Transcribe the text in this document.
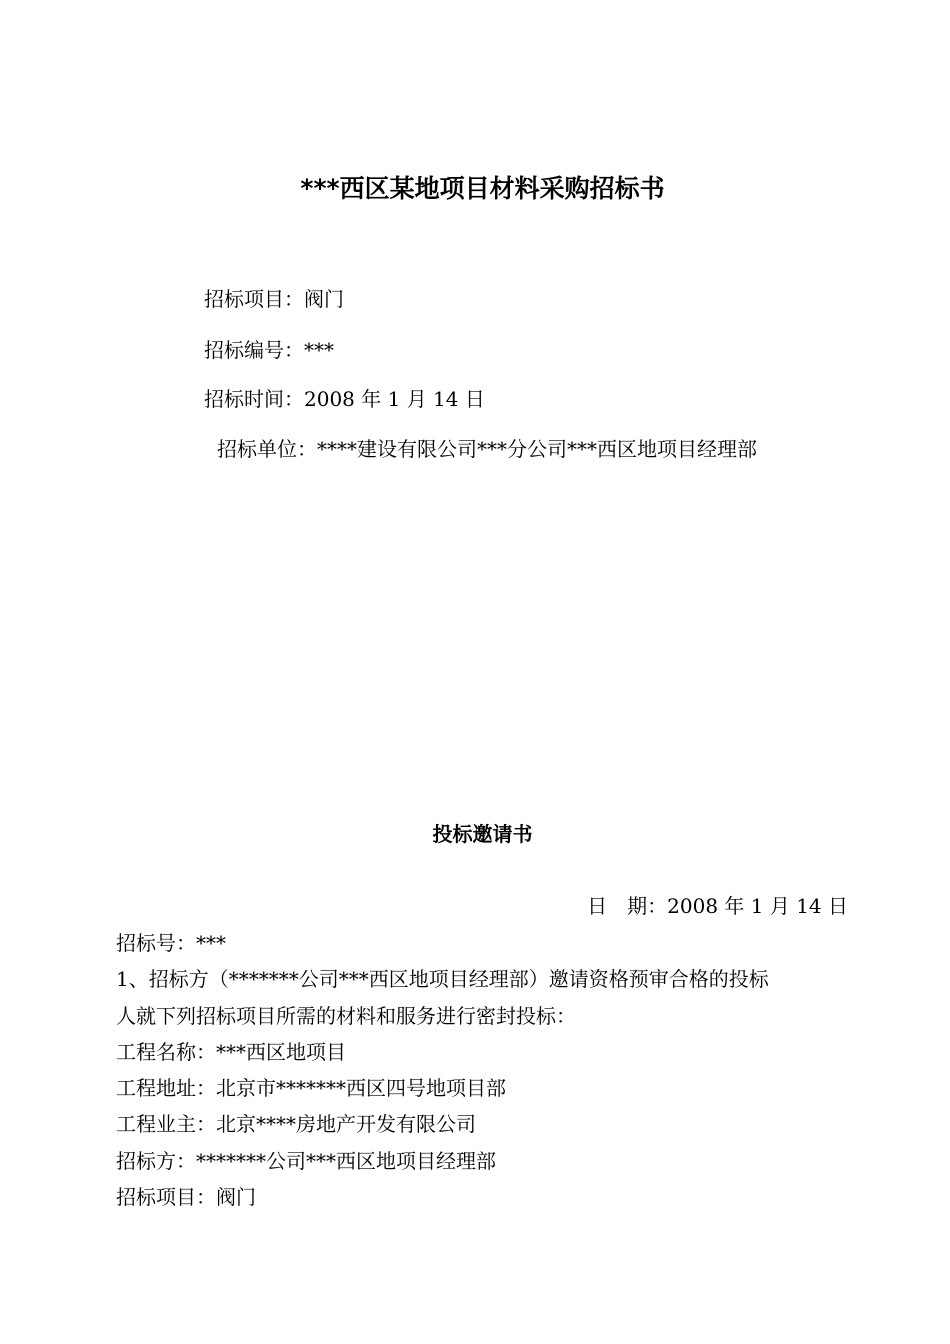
***西区某地项目材料采购招标书
招标项目：阀门
招标编号：***
招标时间：2008 年 1 月 14 日
招标单位：****建设有限公司***分公司***西区地项目经理部
投标邀请书
日　期：2008 年 1 月 14 日
招标号：***
1、招标方（*******公司***西区地项目经理部）邀请资格预审合格的投标
人就下列招标项目所需的材料和服务进行密封投标：
工程名称：***西区地项目
工程地址：北京市*******西区四号地项目部
工程业主：北京****房地产开发有限公司
招标方：*******公司***西区地项目经理部
招标项目：阀门
